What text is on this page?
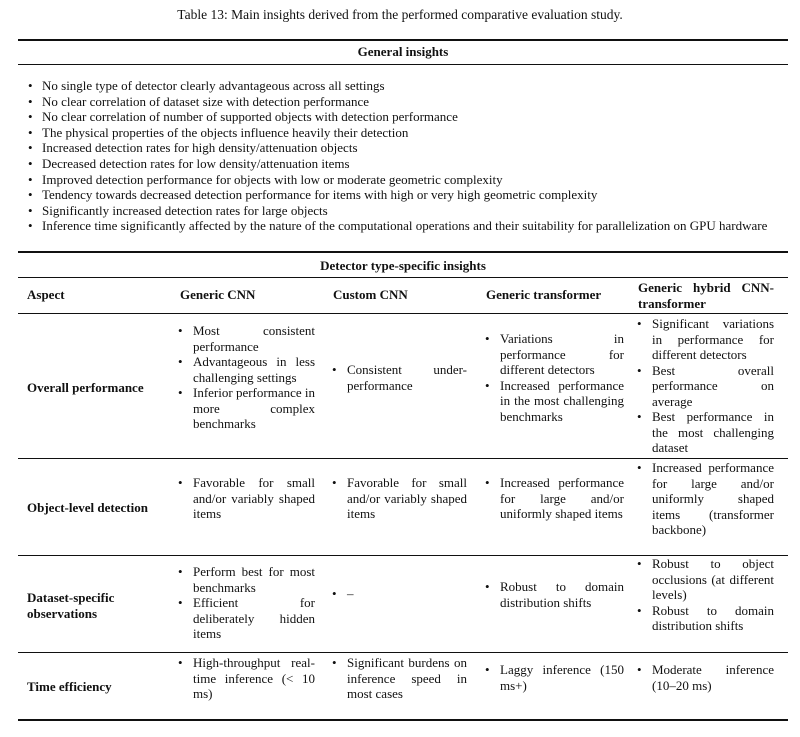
Table 13: Main insights derived from the performed comparative evaluation study.
General insights
• No single type of detector clearly advantageous across all settings
• No clear correlation of dataset size with detection performance
• No clear correlation of number of supported objects with detection performance
• The physical properties of the objects influence heavily their detection
• Increased detection rates for high density/attenuation objects
• Decreased detection rates for low density/attenuation items
• Improved detection performance for objects with low or moderate geometric complexity
• Tendency towards decreased detection performance for items with high or very high geometric complexity
• Significantly increased detection rates for large objects
• Inference time significantly affected by the nature of the computational operations and their suitability for parallelization on GPU hardware
Detector type-specific insights
Aspect	Generic CNN	Custom CNN	Generic transformer	Generic hybrid CNN-transformer
Overall performance
• Most consistent performance
• Advantageous in less challenging settings
• Inferior performance in more complex benchmarks
• Consistent under-performance
• Variations in performance for different detectors
• Increased performance in the most challenging benchmarks
• Significant variations in performance for different detectors
• Best overall performance on average
• Best performance in the most challenging dataset
Object-level detection
• Favorable for small and/or variably shaped items
• Favorable for small and/or variably shaped items
• Increased performance for large and/or uniformly shaped items
• Increased performance for large and/or uniformly shaped items (transformer backbone)
Dataset-specific observations
• Perform best for most benchmarks
• Efficient for deliberately hidden items
• –
•	Robust to domain distribution shifts
• Robust to object occlusions (at different levels)
• Robust to domain distribution shifts
Time efficiency
• High-throughput real-time inference (< 10 ms)
• Significant burdens on inference speed in most cases
• Laggy inference (150 ms+)
• Moderate inference (10–20 ms)
